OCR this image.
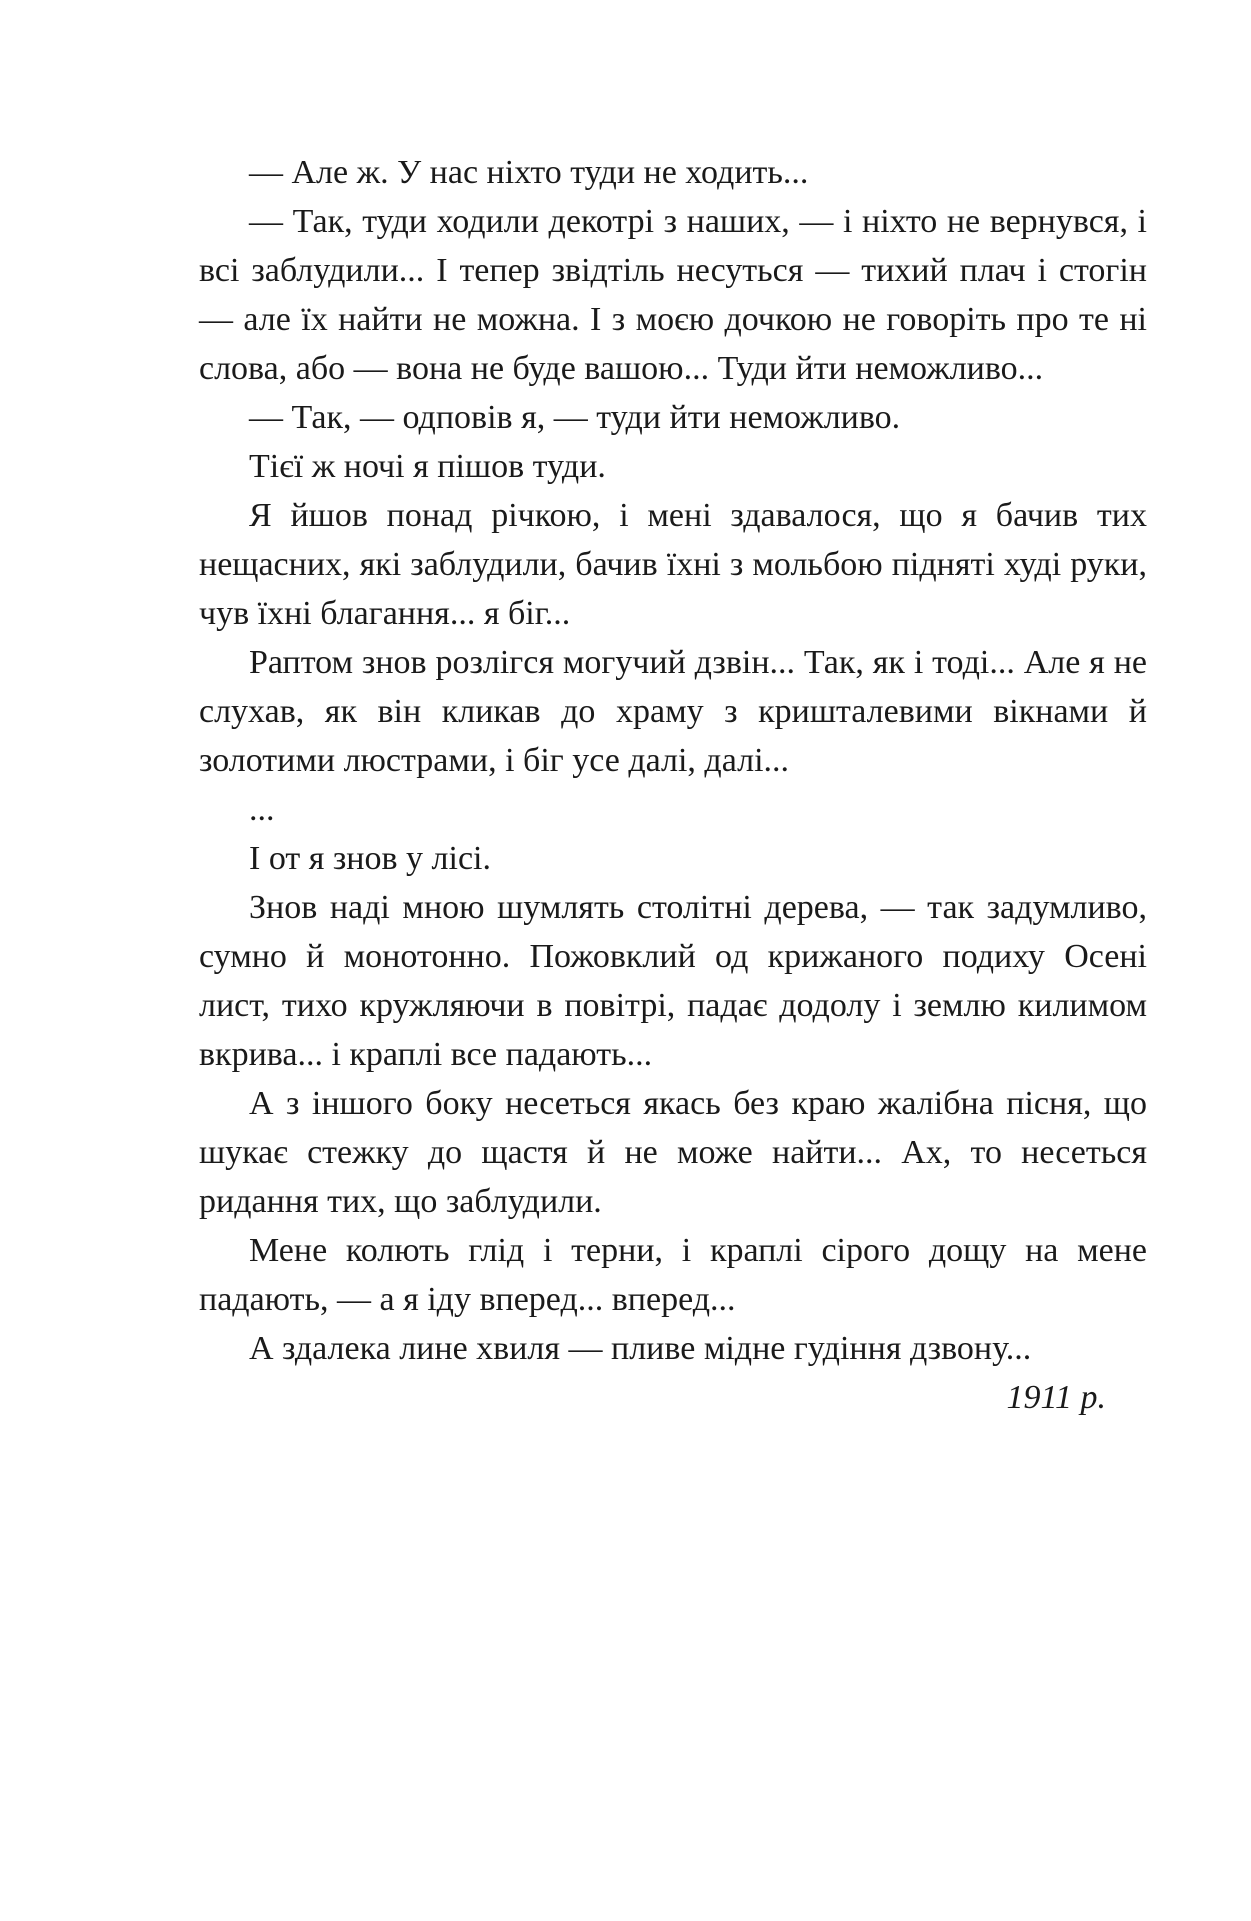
— Але ж. У нас ніхто туди не ходить...

— Так, туди ходили декотрі з наших, — і ніхто не вернувся, і всі заблудили... І тепер звідтіль несуться — тихий плач і стогін — але їх найти не можна. І з моєю дочкою не говоріть про те ні слова, або — вона не буде вашою... Туди йти неможливо...

— Так, — одповів я, — туди йти неможливо.

Тієї ж ночі я пішов туди.

Я йшов понад річкою, і мені здавалося, що я бачив тих нещасних, які заблудили, бачив їхні з мольбою підняті худі руки, чув їхні благання... я біг...

Раптом знов розлігся могучий дзвін... Так, як і тоді... Але я не слухав, як він кликав до храму з кришталевими вікнами й золотими люстрами, і біг усе далі, далі...

...

І от я знов у лісі.

Знов наді мною шумлять столітні дерева, — так задумливо, сумно й монотонно. Пожовклий од крижаного подиху Осені лист, тихо кружляючи в повітрі, падає додолу і землю килимом вкрива... і краплі все падають...

А з іншого боку несеться якась без краю жалібна пісня, що шукає стежку до щастя й не може найти... Ах, то несеться ридання тих, що заблудили.

Мене колють глід і терни, і краплі сірого дощу на мене падають, — а я іду вперед... вперед...

А здалека лине хвиля — пливе мідне гудіння дзвону...

1911 р.
